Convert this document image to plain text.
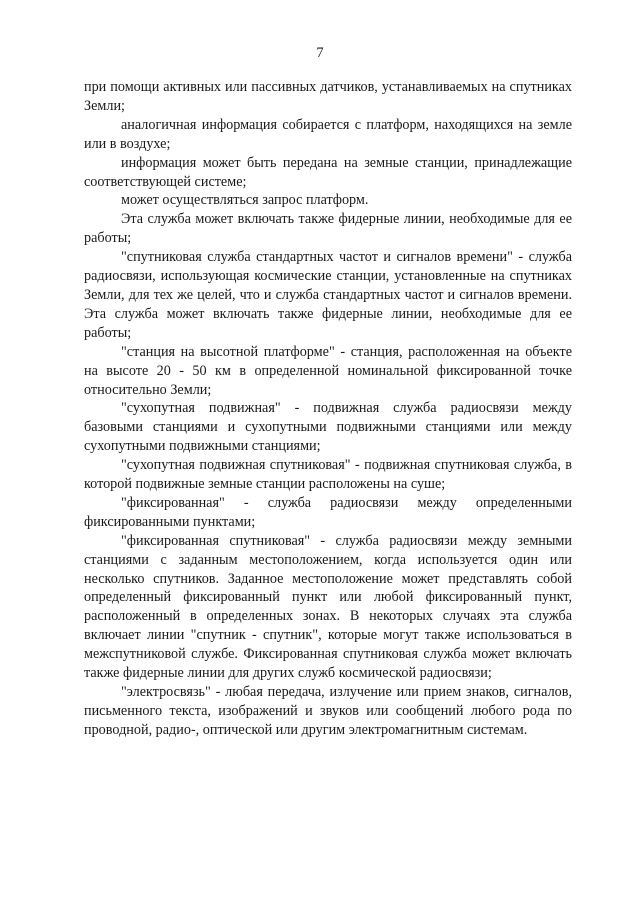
7

при помощи активных или пассивных датчиков, устанавливаемых на спутниках Земли;

аналогичная информация собирается с платформ, находящихся на земле или в воздухе;

информация может быть передана на земные станции, принадлежащие соответствующей системе;

может осуществляться запрос платформ.

Эта служба может включать также фидерные линии, необходимые для ее работы;

"спутниковая служба стандартных частот и сигналов времени" - служба радиосвязи, использующая космические станции, установленные на спутниках Земли, для тех же целей, что и служба стандартных частот и сигналов времени. Эта служба может включать также фидерные линии, необходимые для ее работы;

"станция на высотной платформе" - станция, расположенная на объекте на высоте 20 - 50 км в определенной номинальной фиксированной точке относительно Земли;

"сухопутная подвижная" - подвижная служба радиосвязи между базовыми станциями и сухопутными подвижными станциями или между сухопутными подвижными станциями;

"сухопутная подвижная спутниковая" - подвижная спутниковая служба, в которой подвижные земные станции расположены на суше;

"фиксированная" - служба радиосвязи между определенными фиксированными пунктами;

"фиксированная спутниковая" - служба радиосвязи между земными станциями с заданным местоположением, когда используется один или несколько спутников. Заданное местоположение может представлять собой определенный фиксированный пункт или любой фиксированный пункт, расположенный в определенных зонах. В некоторых случаях эта служба включает линии "спутник - спутник", которые могут также использоваться в межспутниковой службе. Фиксированная спутниковая служба может включать также фидерные линии для других служб космической радиосвязи;

"электросвязь" - любая передача, излучение или прием знаков, сигналов, письменного текста, изображений и звуков или сообщений любого рода по проводной, радио-, оптической или другим электромагнитным системам.
